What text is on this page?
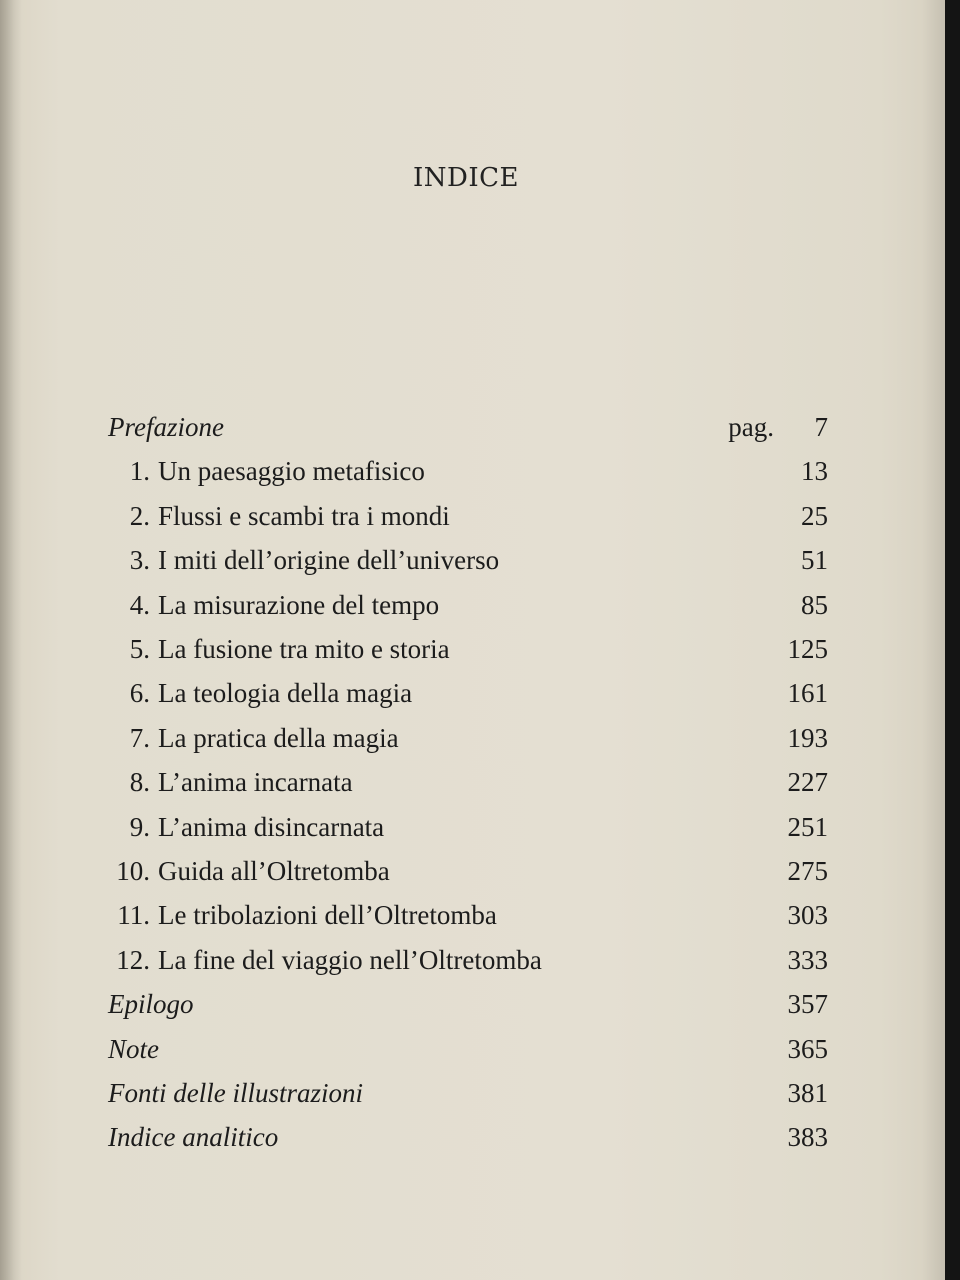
INDICE
Prefazione	pag. 7
1. Un paesaggio metafisico	13
2. Flussi e scambi tra i mondi	25
3. I miti dell’origine dell’universo	51
4. La misurazione del tempo	85
5. La fusione tra mito e storia	125
6. La teologia della magia	161
7. La pratica della magia	193
8. L’anima incarnata	227
9. L’anima disincarnata	251
10. Guida all’Oltretomba	275
11. Le tribolazioni dell’Oltretomba	303
12. La fine del viaggio nell’Oltretomba	333
Epilogo	357
Note	365
Fonti delle illustrazioni	381
Indice analitico	383
